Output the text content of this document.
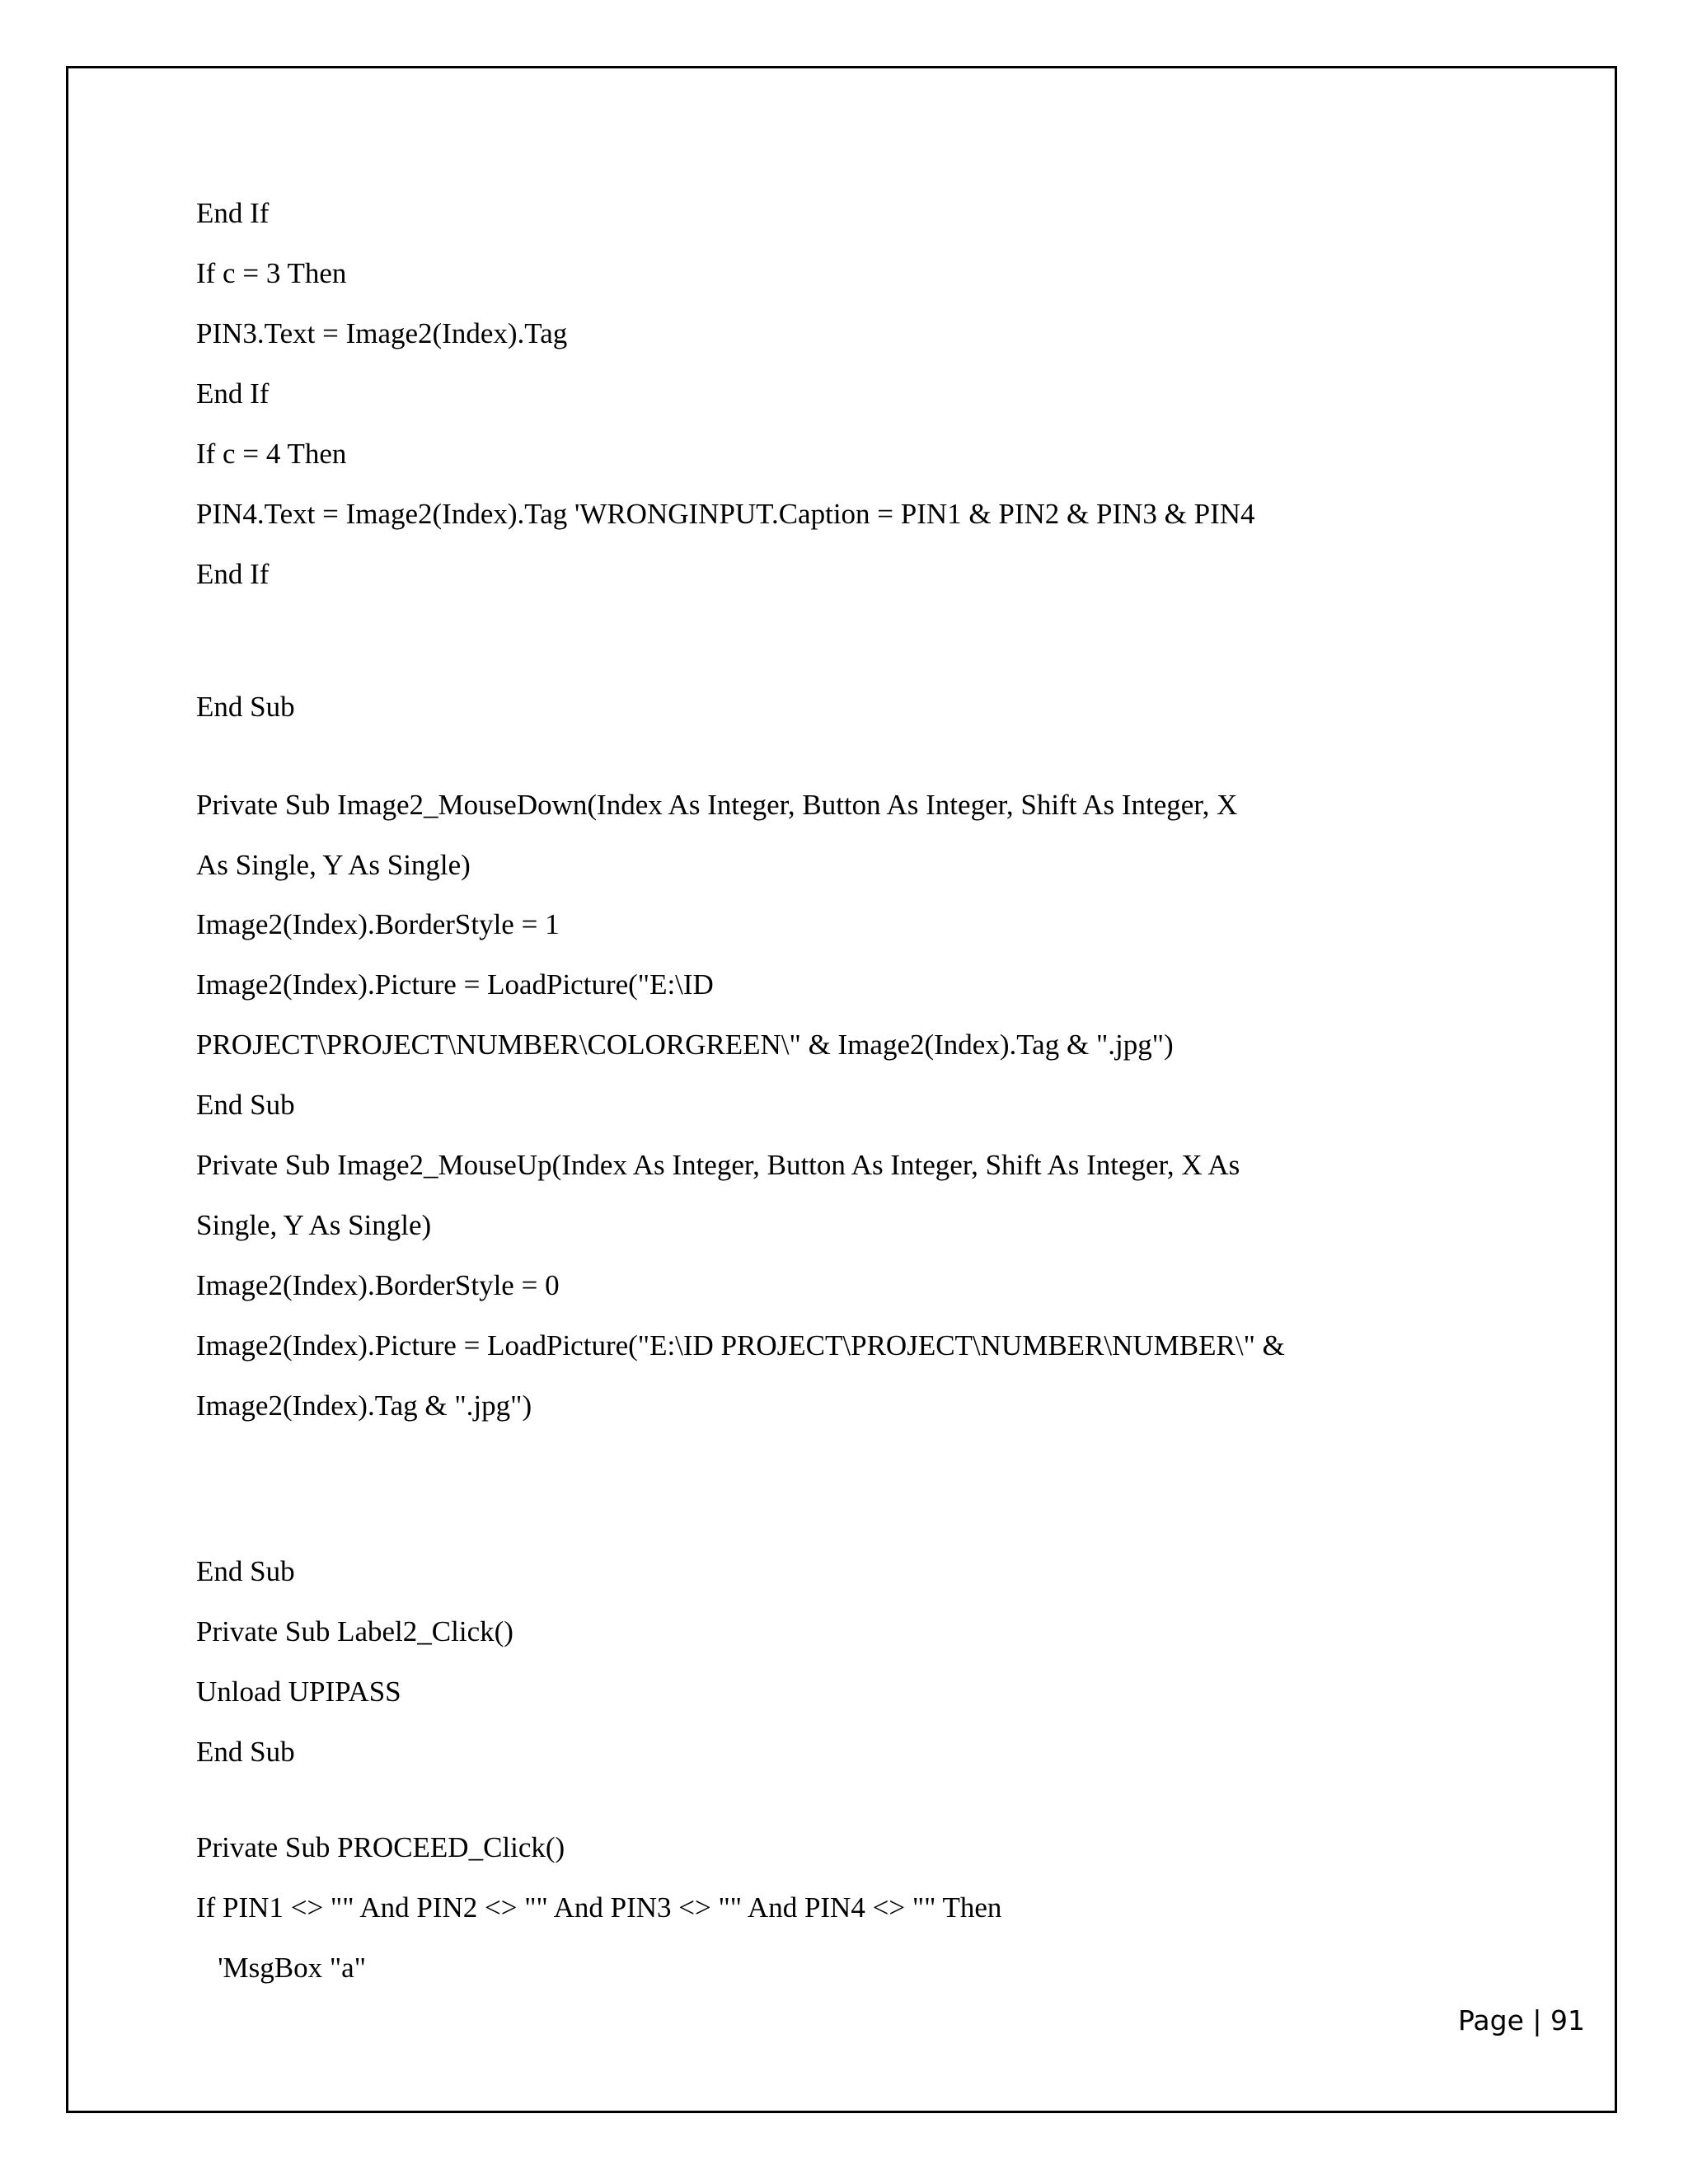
End If
If c = 3 Then
PIN3.Text = Image2(Index).Tag
End If
If c = 4 Then
PIN4.Text = Image2(Index).Tag 'WRONGINPUT.Caption = PIN1 & PIN2 & PIN3 & PIN4
End If
End Sub
Private Sub Image2_MouseDown(Index As Integer, Button As Integer, Shift As Integer, X
As Single, Y As Single)
Image2(Index).BorderStyle = 1
Image2(Index).Picture = LoadPicture("E:\ID
PROJECT\PROJECT\NUMBER\COLORGREEN\" & Image2(Index).Tag & ".jpg")
End Sub
Private Sub Image2_MouseUp(Index As Integer, Button As Integer, Shift As Integer, X As
Single, Y As Single)
Image2(Index).BorderStyle = 0
Image2(Index).Picture = LoadPicture("E:\ID PROJECT\PROJECT\NUMBER\NUMBER\" &
Image2(Index).Tag & ".jpg")
End Sub
Private Sub Label2_Click()
Unload UPIPASS
End Sub
Private Sub PROCEED_Click()
If PIN1 <> "" And PIN2 <> "" And PIN3 <> "" And PIN4 <> "" Then
'MsgBox "a"
Page | 91
